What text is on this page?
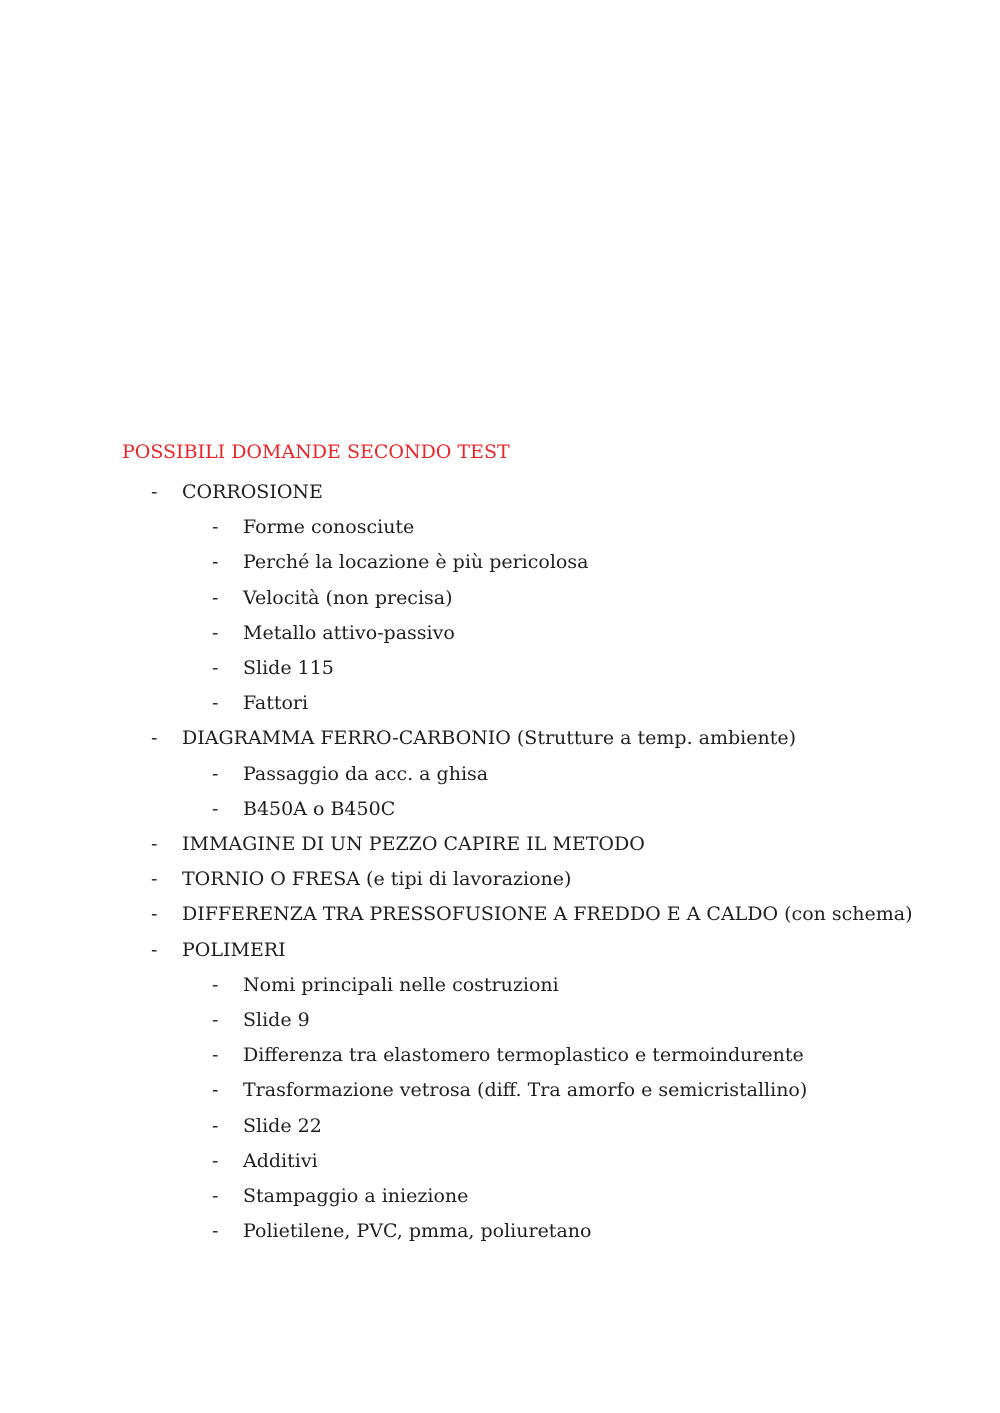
POSSIBILI DOMANDE SECONDO TEST
- CORROSIONE
- Forme conosciute
- Perché la locazione è più pericolosa
- Velocità (non precisa)
- Metallo attivo-passivo
- Slide 115
- Fattori
- DIAGRAMMA FERRO-CARBONIO (Strutture a temp. ambiente)
- Passaggio da acc. a ghisa
- B450A o B450C
- IMMAGINE DI UN PEZZO CAPIRE IL METODO
- TORNIO O FRESA (e tipi di lavorazione)
- DIFFERENZA TRA PRESSOFUSIONE A FREDDO E A CALDO (con schema)
- POLIMERI
- Nomi principali nelle costruzioni
- Slide 9
- Differenza tra elastomero termoplastico e termoindurente
- Trasformazione vetrosa (diff. Tra amorfo e semicristallino)
- Slide 22
- Additivi
- Stampaggio a iniezione
- Polietilene, PVC, pmma, poliuretano
